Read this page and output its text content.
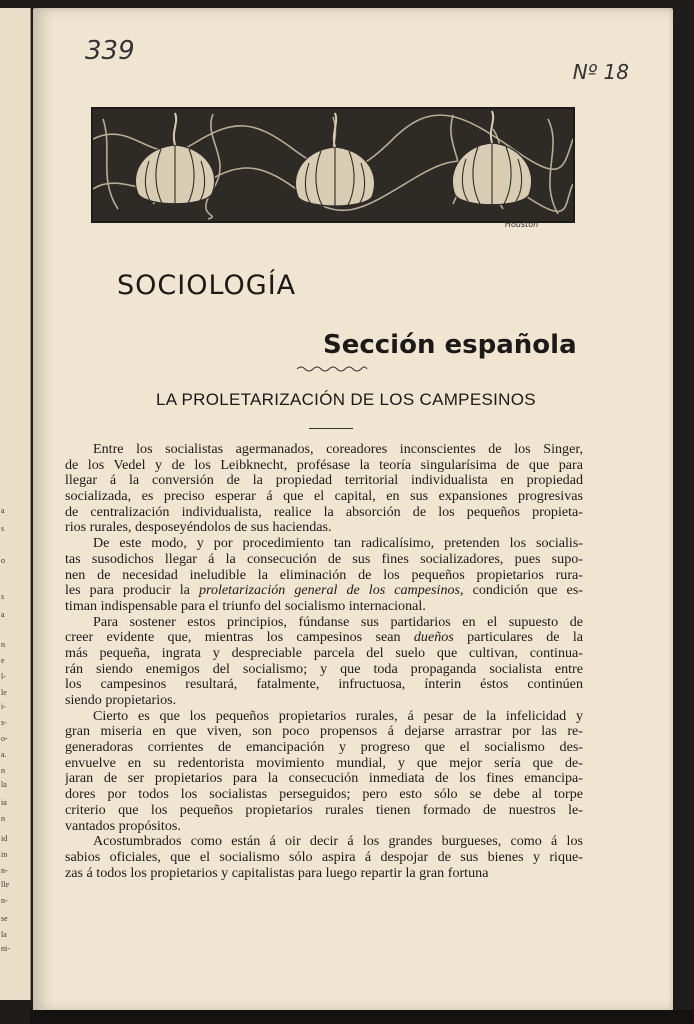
a
s
o
s
a
n
e
l-
le
i-
s-
o-
a.
n
la
ia
n
id
in
n-
lle
n-
se
la
ni-
339
Nº 18
Houston
SOCIOLOGÍA
Sección española
LA PROLETARIZACIÓN DE LOS CAMPESINOS
Entre los socialistas agermanados, coreadores inconscientes de los Singer,
de los Vedel y de los Leibknecht, profésase la teoría singularísima de que para
llegar á la conversión de la propiedad territorial individualista en propiedad
socializada, es preciso esperar á que el capital, en sus expansiones progresivas
de centralización individualista, realice la absorción de los pequeños propieta-
rios rurales, desposeyéndolos de sus haciendas.
De este modo, y por procedimiento tan radicalísimo, pretenden los socialis-
tas susodichos llegar á la consecución de sus fines socializadores, pues supo-
nen de necesidad ineludible la eliminación de los pequeños propietarios rura-
les para producir la proletarización general de los campesinos, condición que es-
timan indispensable para el triunfo del socialismo internacional.
Para sostener estos principios, fúndanse sus partidarios en el supuesto de
creer evidente que, mientras los campesinos sean dueños particulares de la
más pequeña, ingrata y despreciable parcela del suelo que cultivan, continua-
rán siendo enemigos del socialismo; y que toda propaganda socialista entre
los campesinos resultará, fatalmente, infructuosa, ínterin éstos continúen
siendo propietarios.
Cierto es que los pequeños propietarios rurales, á pesar de la infelicidad y
gran miseria en que viven, son poco propensos á dejarse arrastrar por las re-
generadoras corrientes de emancipación y progreso que el socialismo des-
envuelve en su redentorista movimiento mundial, y que mejor sería que de-
jaran de ser propietarios para la consecución inmediata de los fines emancipa-
dores por todos los socialistas perseguidos; pero esto sólo se debe al torpe
criterio que los pequeños propietarios rurales tienen formado de nuestros le-
vantados propósitos.
Acostumbrados como están á oir decir á los grandes burgueses, como á los
sabios oficiales, que el socialismo sólo aspira á despojar de sus bienes y rique-
zas á todos los propietarios y capitalistas para luego repartir la gran fortuna
